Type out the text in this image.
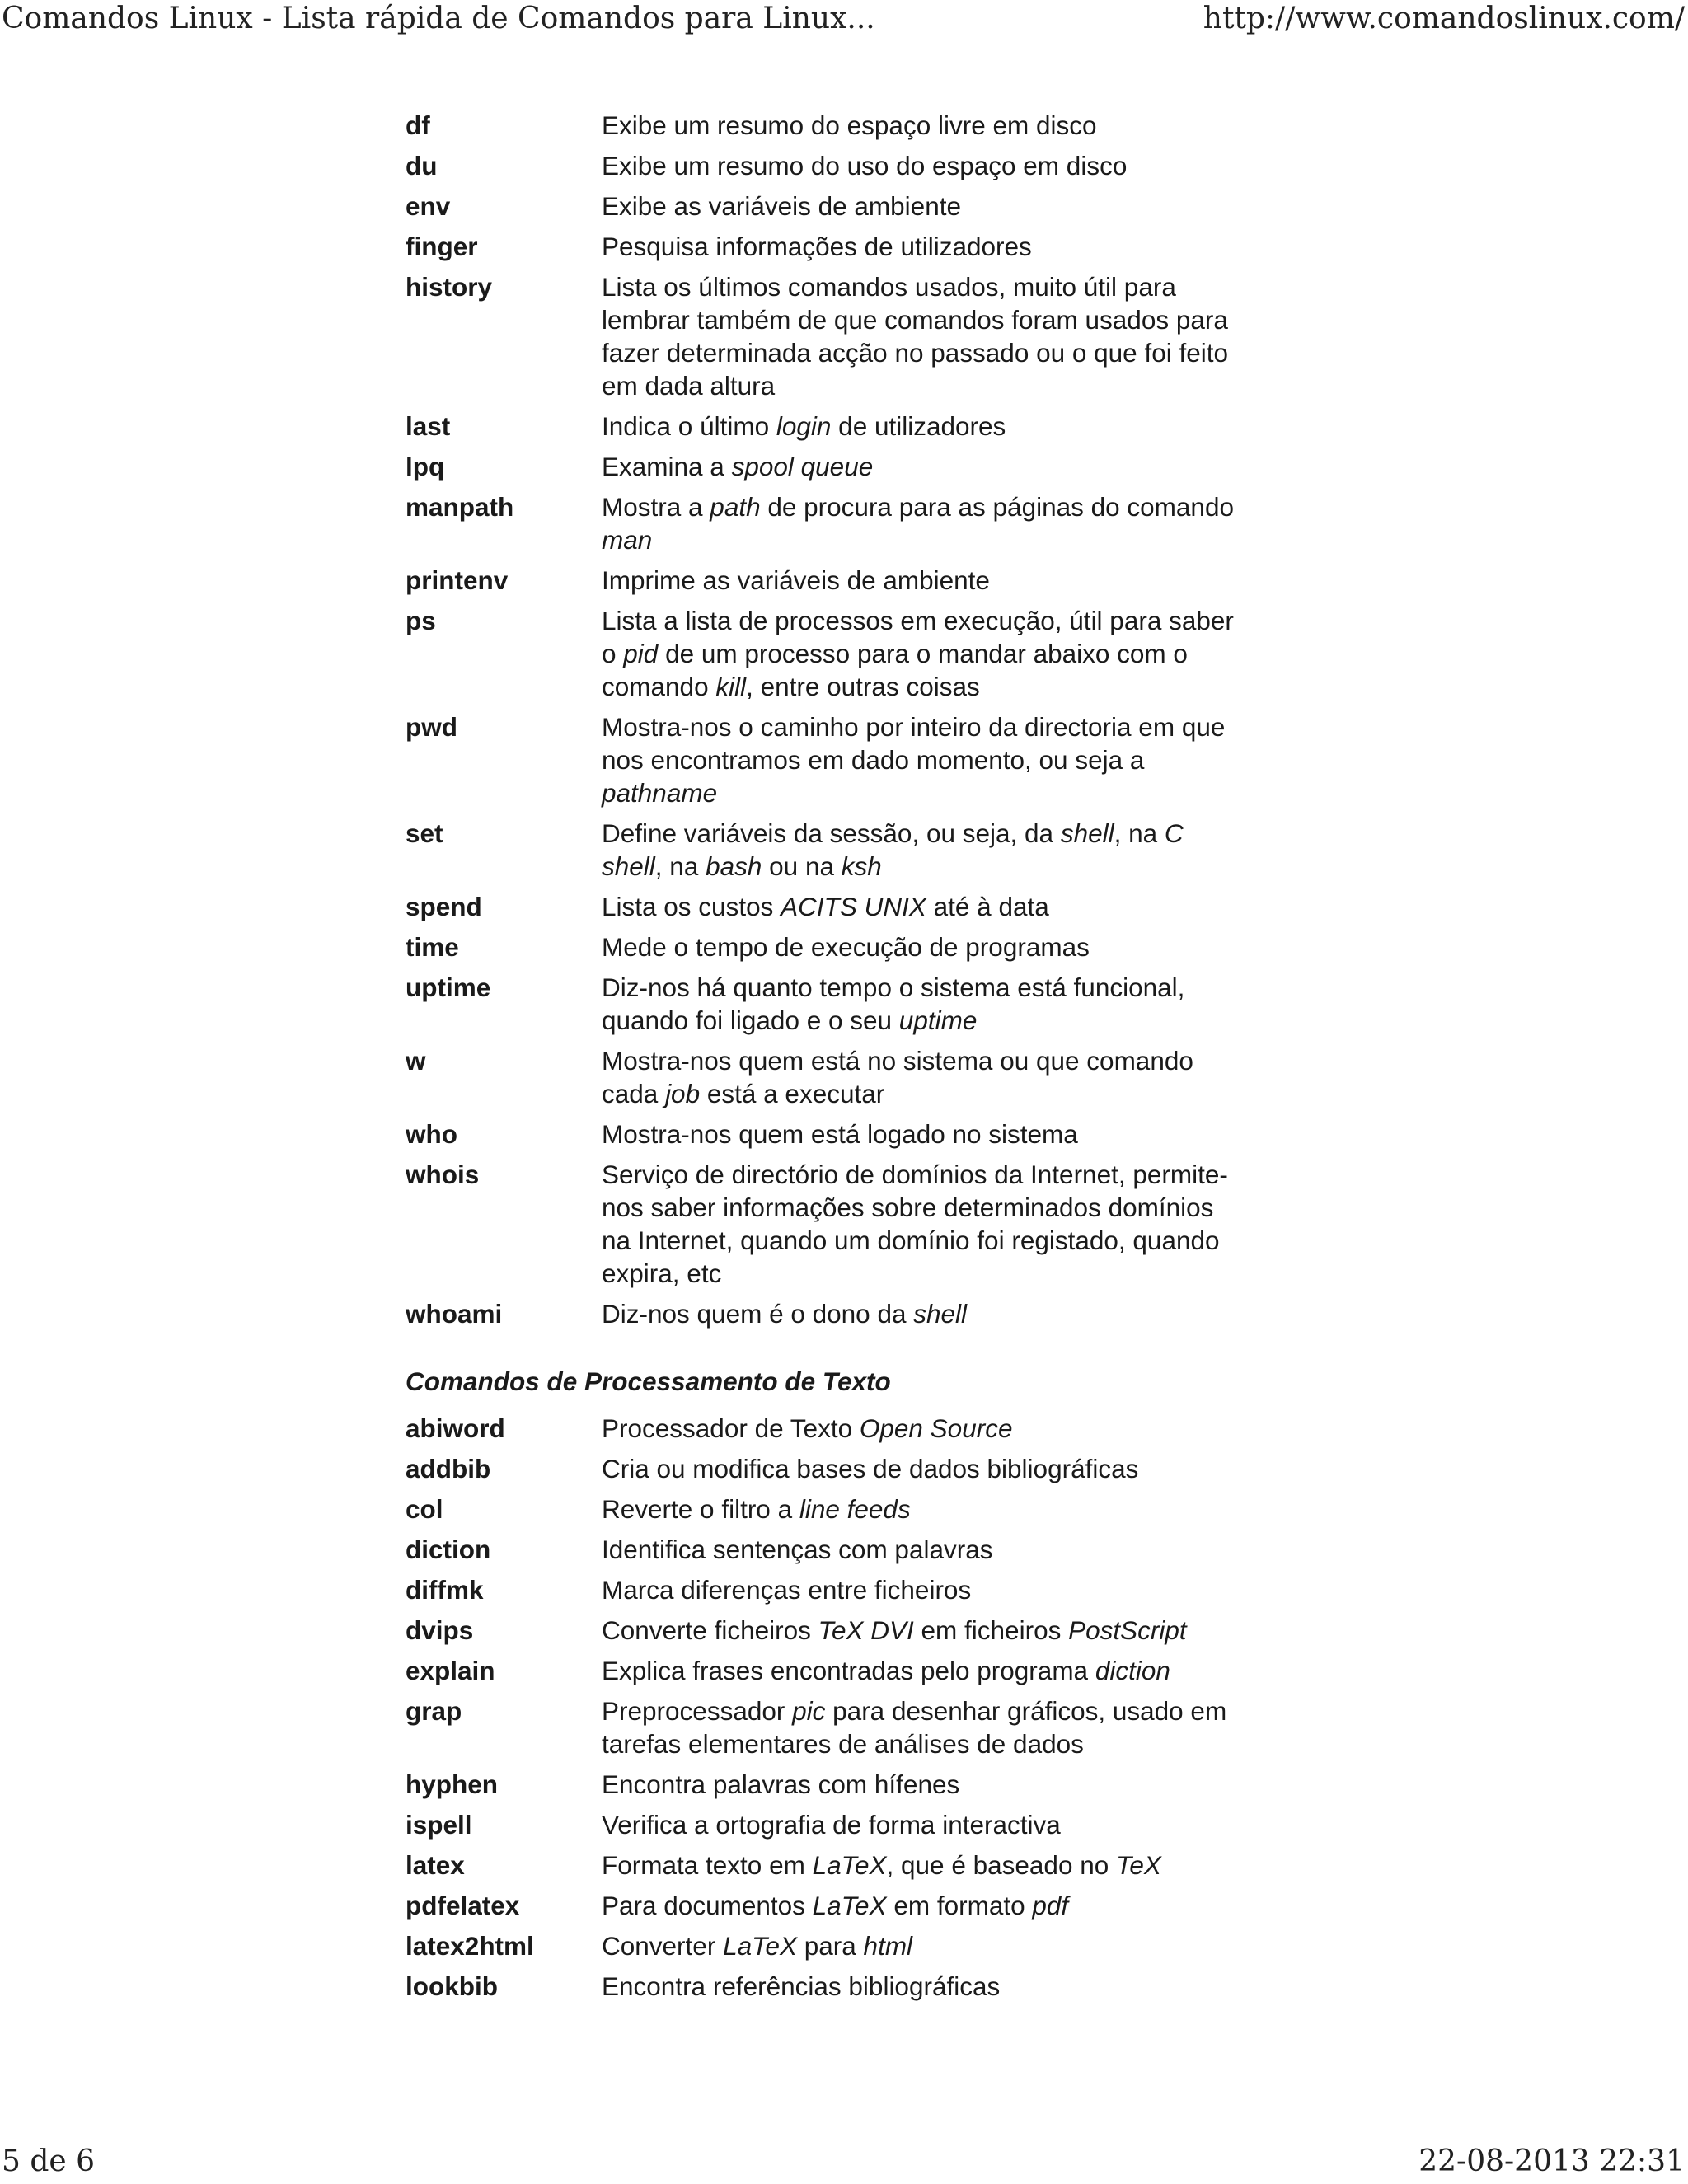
Comandos Linux - Lista rápida de Comandos para Linux...	http://www.comandoslinux.com/
df	Exibe um resumo do espaço livre em disco
du	Exibe um resumo do uso do espaço em disco
env	Exibe as variáveis de ambiente
finger	Pesquisa informações de utilizadores
history	Lista os últimos comandos usados, muito útil para lembrar também de que comandos foram usados para fazer determinada acção no passado ou o que foi feito em dada altura
last	Indica o último login de utilizadores
lpq	Examina a spool queue
manpath	Mostra a path de procura para as páginas do comando man
printenv	Imprime as variáveis de ambiente
ps	Lista a lista de processos em execução, útil para saber o pid de um processo para o mandar abaixo com o comando kill, entre outras coisas
pwd	Mostra-nos o caminho por inteiro da directoria em que nos encontramos em dado momento, ou seja a pathname
set	Define variáveis da sessão, ou seja, da shell, na C shell, na bash ou na ksh
spend	Lista os custos ACITS UNIX até à data
time	Mede o tempo de execução de programas
uptime	Diz-nos há quanto tempo o sistema está funcional, quando foi ligado e o seu uptime
w	Mostra-nos quem está no sistema ou que comando cada job está a executar
who	Mostra-nos quem está logado no sistema
whois	Serviço de directório de domínios da Internet, permite-nos saber informações sobre determinados domínios na Internet, quando um domínio foi registado, quando expira, etc
whoami	Diz-nos quem é o dono da shell
Comandos de Processamento de Texto
abiword	Processador de Texto Open Source
addbib	Cria ou modifica bases de dados bibliográficas
col	Reverte o filtro a line feeds
diction	Identifica sentenças com palavras
diffmk	Marca diferenças entre ficheiros
dvips	Converte ficheiros TeX DVI em ficheiros PostScript
explain	Explica frases encontradas pelo programa diction
grap	Preprocessador pic para desenhar gráficos, usado em tarefas elementares de análises de dados
hyphen	Encontra palavras com hífenes
ispell	Verifica a ortografia de forma interactiva
latex	Formata texto em LaTeX, que é baseado no TeX
pdfelatex	Para documentos LaTeX em formato pdf
latex2html	Converter LaTeX para html
lookbib	Encontra referências bibliográficas
5 de 6	22-08-2013 22:31
